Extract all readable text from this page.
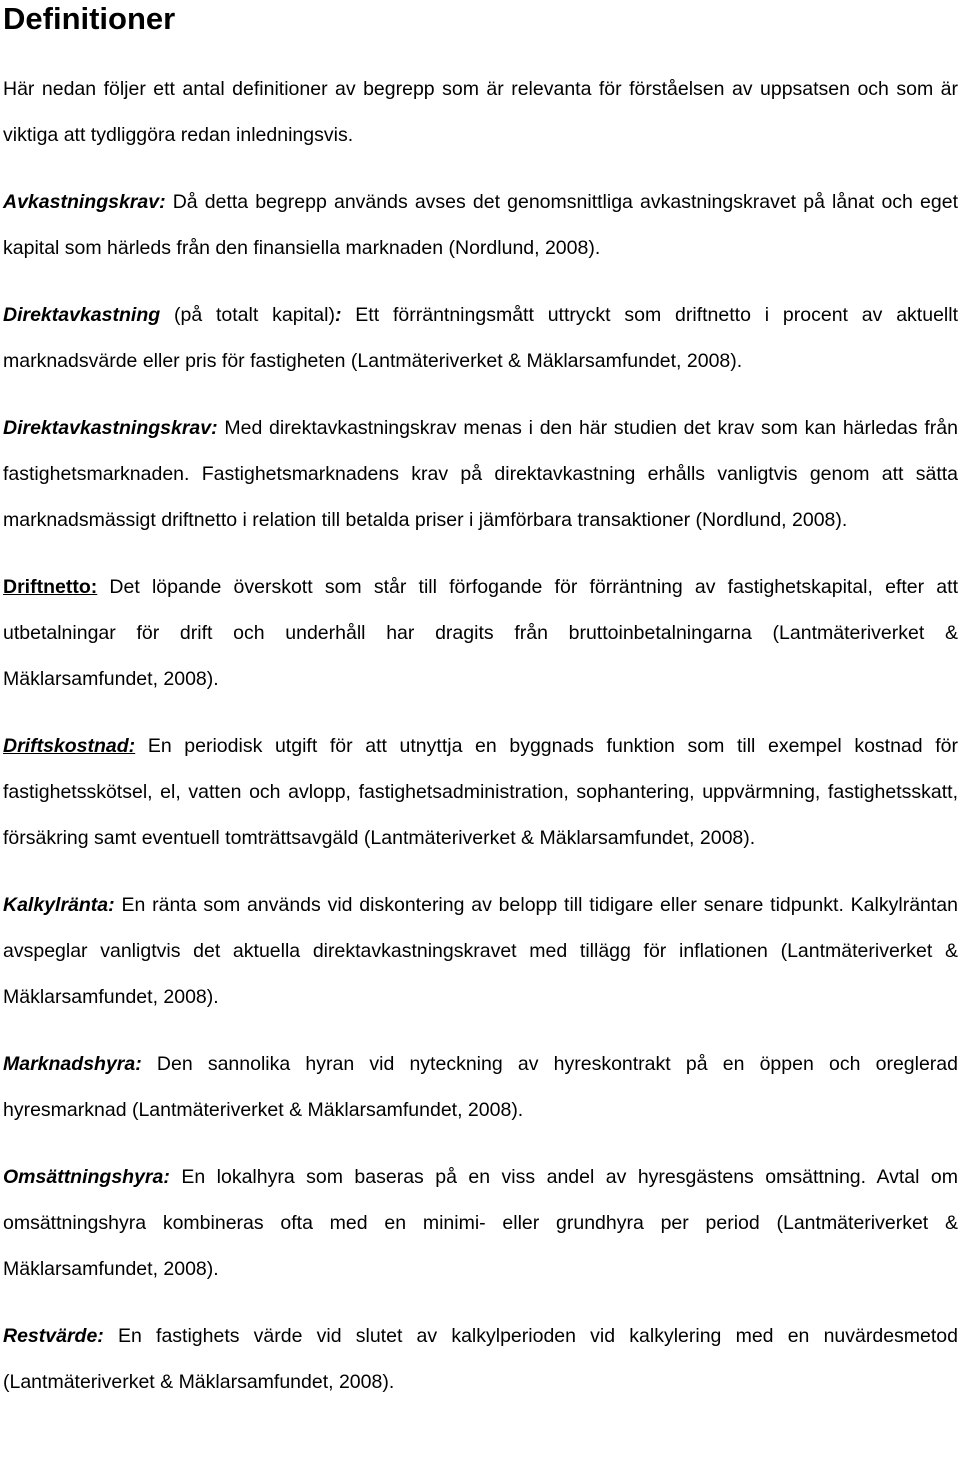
Definitioner

Här nedan följer ett antal definitioner av begrepp som är relevanta för förståelsen av uppsatsen och som är viktiga att tydliggöra redan inledningsvis.

Avkastningskrav: Då detta begrepp används avses det genomsnittliga avkastningskravet på lånat och eget kapital som härleds från den finansiella marknaden (Nordlund, 2008).

Direktavkastning (på totalt kapital): Ett förräntningsmått uttryckt som driftnetto i procent av aktuellt marknadsvärde eller pris för fastigheten (Lantmäteriverket & Mäklarsamfundet, 2008).

Direktavkastningskrav: Med direktavkastningskrav menas i den här studien det krav som kan härledas från fastighetsmarknaden. Fastighetsmarknadens krav på direktavkastning erhålls vanligtvis genom att sätta marknadsmässigt driftnetto i relation till betalda priser i jämförbara transaktioner (Nordlund, 2008).

Driftnetto: Det löpande överskott som står till förfogande för förräntning av fastighetskapital, efter att utbetalningar för drift och underhåll har dragits från bruttoinbetalningarna (Lantmäteriverket & Mäklarsamfundet, 2008).

Driftskostnad: En periodisk utgift för att utnyttja en byggnads funktion som till exempel kostnad för fastighetsskötsel, el, vatten och avlopp, fastighetsadministration, sophantering, uppvärmning, fastighetsskatt, försäkring samt eventuell tomträttsavgäld (Lantmäteriverket & Mäklarsamfundet, 2008).

Kalkylränta: En ränta som används vid diskontering av belopp till tidigare eller senare tidpunkt. Kalkylräntan avspeglar vanligtvis det aktuella direktavkastningskravet med tillägg för inflationen (Lantmäteriverket & Mäklarsamfundet, 2008).

Marknadshyra: Den sannolika hyran vid nyteckning av hyreskontrakt på en öppen och oreglerad hyresmarknad (Lantmäteriverket & Mäklarsamfundet, 2008).

Omsättningshyra: En lokalhyra som baseras på en viss andel av hyresgästens omsättning. Avtal om omsättningshyra kombineras ofta med en minimi- eller grundhyra per period (Lantmäteriverket & Mäklarsamfundet, 2008).

Restvärde: En fastighets värde vid slutet av kalkylperioden vid kalkylering med en nuvärdesmetod (Lantmäteriverket & Mäklarsamfundet, 2008).
